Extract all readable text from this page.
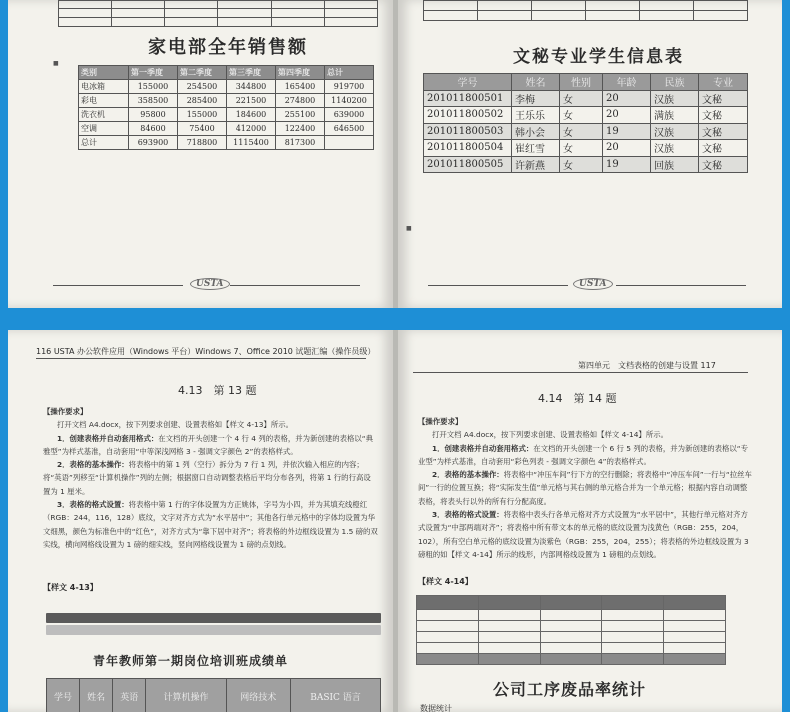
家电部全年销售额
■
类别	第一季度	第二季度	第三季度	第四季度	总计
电冰箱	155000	254500	344800	165400	919700
彩电	358500	285400	221500	274800	1140200
洗衣机	95800	155000	184600	255100	639000
空调	84600	75400	412000	122400	646500
总计	693900	718800	1115400	817300	
USTA

文秘专业学生信息表
学号	姓名	性别	年龄	民族	专业
201011800501	李梅	女	20	汉族	文秘
201011800502	王乐乐	女	20	满族	文秘
201011800503	韩小会	女	19	汉族	文秘
201011800504	崔红雪	女	20	汉族	文秘
201011800505	许新燕	女	19	回族	文秘
■
USTA
116 USTA 办公软件应用（Windows 平台）Windows 7、Office 2010 试题汇编（操作员级）
4.13　第 13 题

【操作要求】

打开文档 A4.docx，按下列要求创建、设置表格如【样文 4-13】所示。

1．创建表格并自动套用格式：在文档的开头创建一个 4 行 4 列的表格，并为新创建的表格以“典雅型”为样式基准，自动套用“中等深浅网格 3 - 强调文字颜色 2”的表格样式。

2．表格的基本操作：将表格中的第 1 列（空行）拆分为 7 行 1 列，并依次输入相应的内容；将“英语”列移至“计算机操作”列的左侧；根据窗口自动调整表格后平均分布各列，将第 1 行的行高设置为 1 厘米。

3．表格的格式设置：将表格中第 1 行的字体设置为方正姚体，字号为小四，并为其填充线橙红（RGB：244，116，128）底纹，文字对齐方式为“水平居中”；其他各行单元格中的字体均设置为华文细黑，颜色为标准色中的“红色”，对齐方式为“靠下居中对齐”；将表格的外边框线设置为 1.5 磅的双实线，横向网格线设置为 1 磅的细实线，竖向网格线设置为 1 磅的点划线。

【样文 4-13】
青年教师第一期岗位培训班成绩单
学号	姓名	英语	计算机操作	网络技术	BASIC 语言
第四单元　文档表格的创建与设置 117
4.14　第 14 题

【操作要求】

打开文档 A4.docx，按下列要求创建、设置表格如【样文 4-14】所示。

1．创建表格并自动套用格式：在文档的开头创建一个 6 行 5 列的表格，并为新创建的表格以“专业型”为样式基准，自动套用“彩色列表 - 强调文字颜色 4”的表格样式。

2．表格的基本操作：将表格中“冲压车间”行下方的空行删除；将表格中“冲压车间”一行与“拉丝车间”一行的位置互换；将“实际发生值”单元格与其右侧的单元格合并为一个单元格；根据内容自动调整表格，将表头行以外的所有行分配高度。

3．表格的格式设置：将表格中表头行各单元格对齐方式设置为“水平居中”，其他行单元格对齐方式设置为“中部两端对齐”；将表格中所有带文本的单元格的底纹设置为浅黄色（RGB：255，204，102），所有空白单元格的底纹设置为淡紫色（RGB：255，204，255）；将表格的外边框线设置为 3 磅粗的如【样文 4-14】所示的线形，内部网格线设置为 1 磅粗的点划线。

【样文 4-14】

公司工序废品率统计
数据统计
